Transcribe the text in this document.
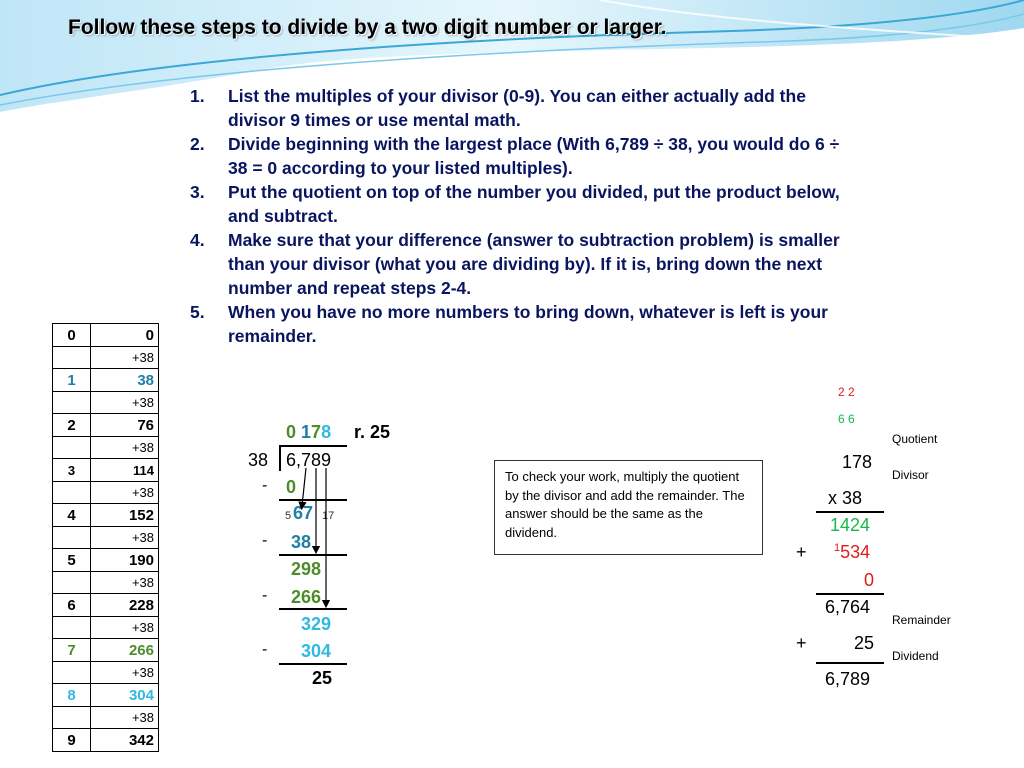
Follow these steps to divide by a two digit number or larger.
1. List the multiples of your divisor (0-9). You can either actually add the divisor 9 times or use mental math.
2. Divide beginning with the largest place (With 6,789 ÷ 38, you would do 6 ÷ 38 = 0 according to your listed multiples).
3. Put the quotient on top of the number you divided, put the product below, and subtract.
4. Make sure that your difference (answer to subtraction problem) is smaller than your divisor (what you are dividing by). If it is, bring down the next number and repeat steps 2-4.
5. When you have no more numbers to bring down, whatever is left is your remainder.
0	0
	+38
1	38
	+38
2	76
	+38
3	114
	+38
4	152
	+38
5	190
	+38
6	228
	+38
7	266
	+38
8	304
	+38
9	342
0 178 r. 25
38 6,789
- 0
5 67 17
- 38
298
- 266
329
- 304
25
To check your work, multiply the quotient by the divisor and add the remainder. The answer should be the same as the dividend.
2 2
6 6
178
x 38
1424
+ $^1$534
0
6,764
+	25
6,789
Quotient
Divisor
Remainder
Dividend
